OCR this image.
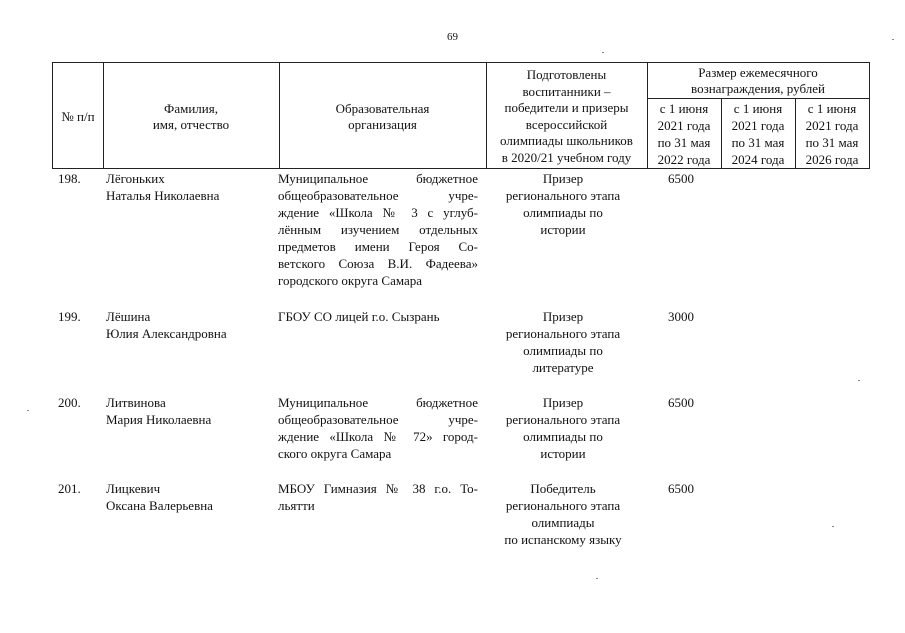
69
№ п/п
Фамилия,
имя, отчество
Образовательная
организация
Подготовлены
воспитанники –
победители и призеры
всероссийской
олимпиады школьников
в 2020/21 учебном году
Размер ежемесячного
вознаграждения, рублей
с 1 июня
2021 года
по 31 мая
2022 года
с 1 июня
2021 года
по 31 мая
2024 года
с 1 июня
2021 года
по 31 мая
2026 года
198. Лёгоньких
Наталья Николаевна
Муниципальное бюджетное
общеобразовательное учре-
ждение «Школа № 3 с углуб-
лённым изучением отдельных
предметов имени Героя Со-
ветского Союза В.И. Фадеева»
городского округа Самара
Призер
регионального этапа
олимпиады по
истории
6500
199. Лёшина
Юлия Александровна
ГБОУ СО лицей г.о. Сызрань	Призер
регионального этапа
олимпиады по
литературе
3000
200. Литвинова
Мария Николаевна
Муниципальное бюджетное
общеобразовательное учре-
ждение «Школа № 72» город-
ского округа Самара
Призер
регионального этапа
олимпиады по
истории
6500
201. Лицкевич
Оксана Валерьевна
МБОУ Гимназия № 38 г.о. То-
льятти
Победитель
регионального этапа
олимпиады
по испанскому языку
6500
